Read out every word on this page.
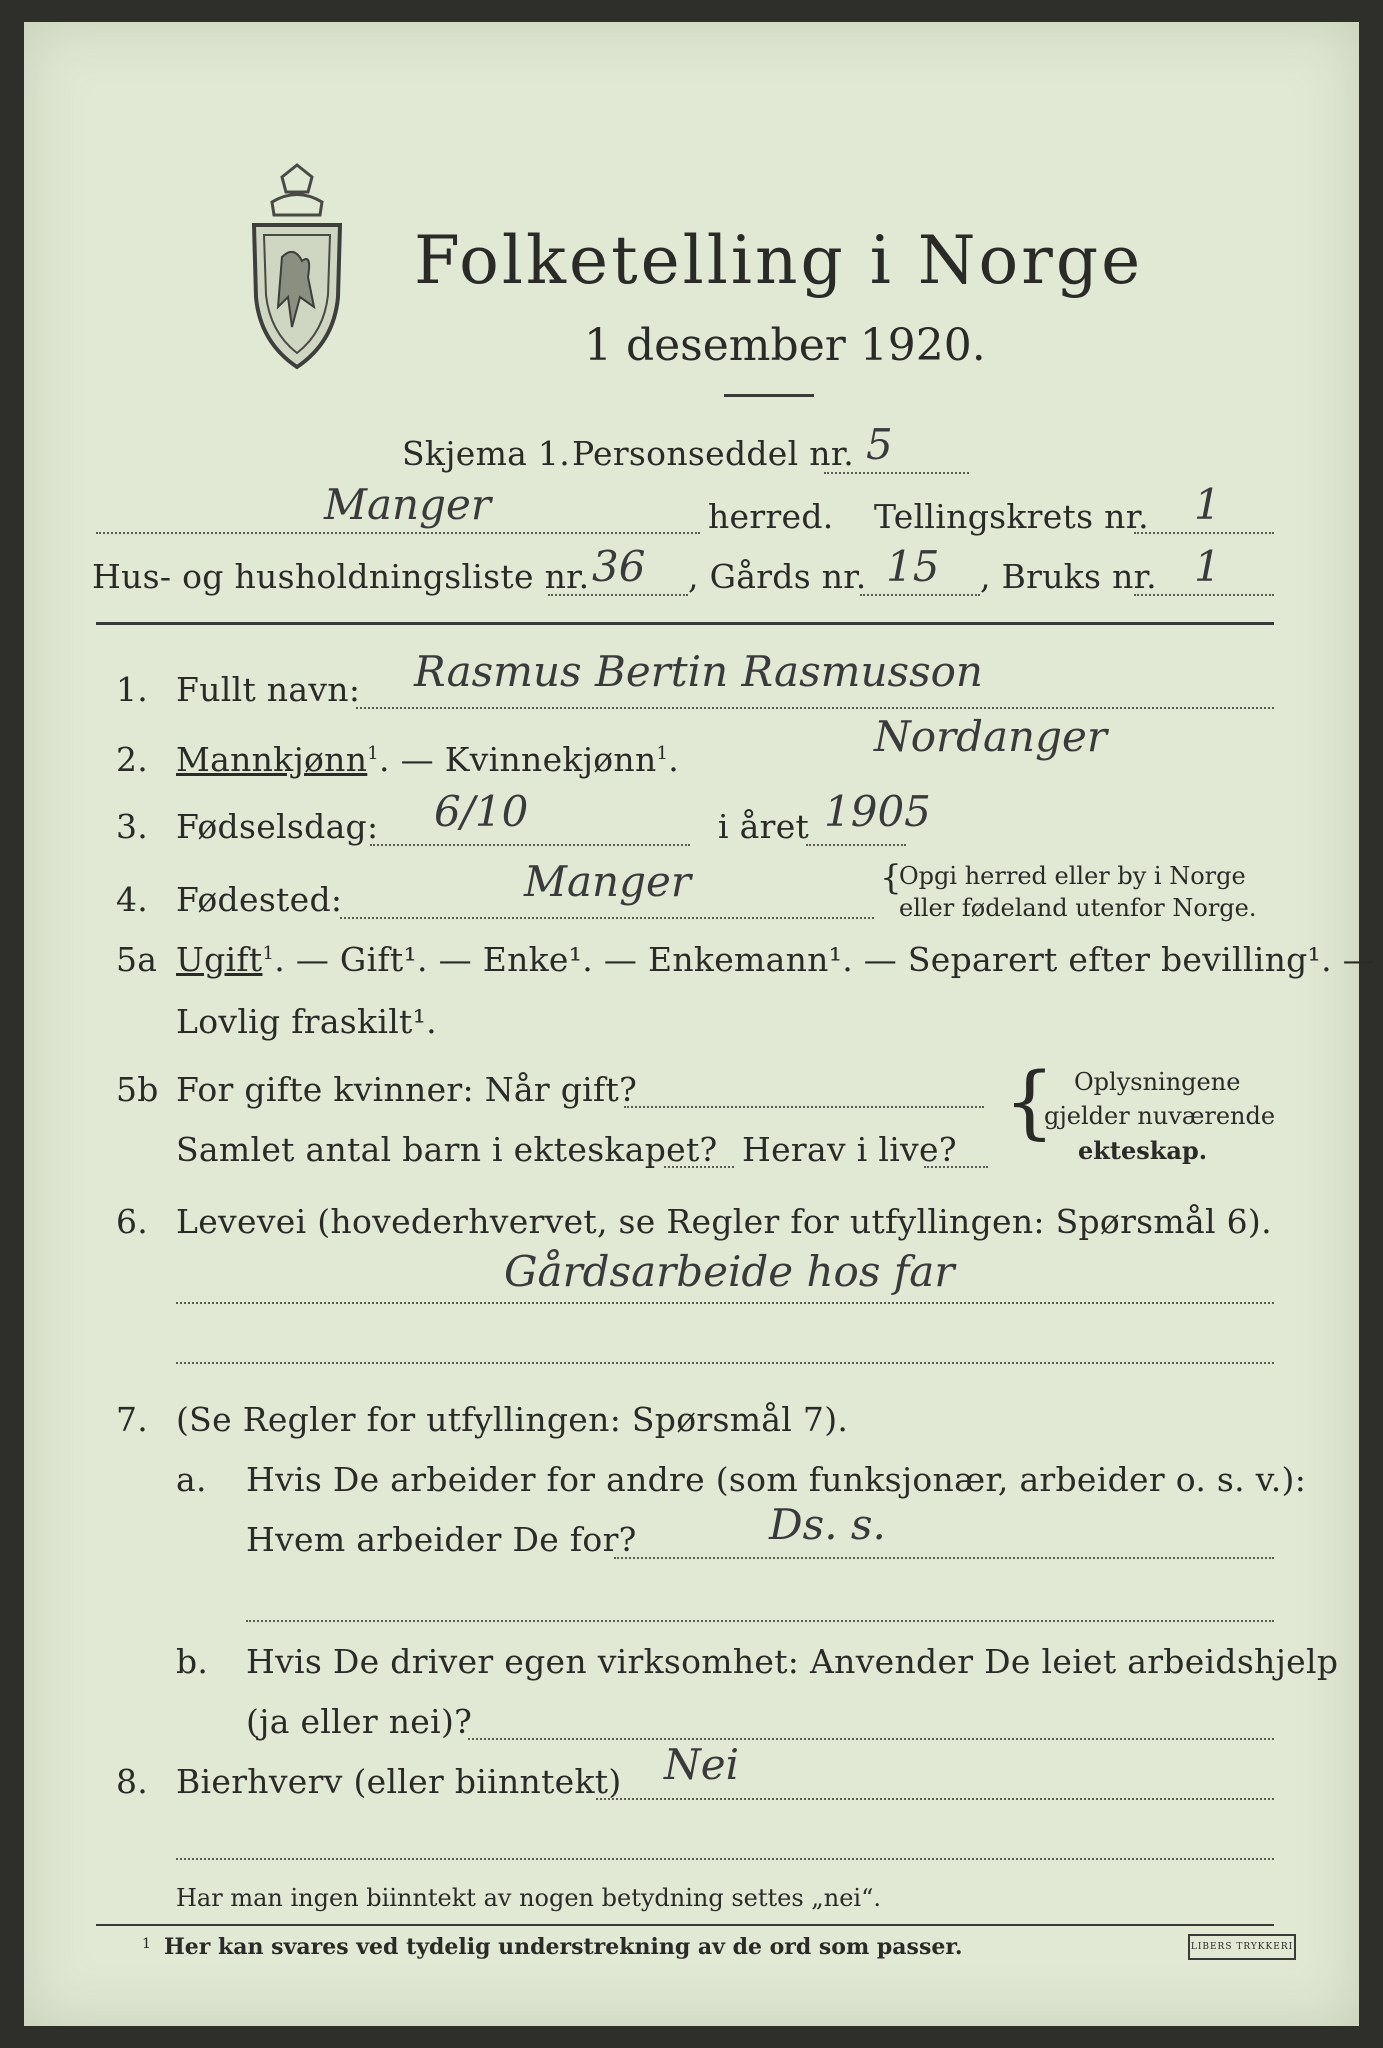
Folketelling i Norge
1 desember 1920.
Skjema 1. Personseddel nr. 5
Manger	herred. Tellingskrets nr. 1
Hus- og husholdningsliste nr. 36 , Gårds nr. 15 , Bruks nr. 1
1. Fullt navn: Rasmus Bertin Rasmusson
2. Mannkjønn$^1$. — Kvinnekjønn$^1$.	Nordanger
3. Fødselsdag: 6/10	i året 1905
4. Fødested:	Manger	{
Opgi herred eller by i Norge
eller fødeland utenfor Norge.
5a Ugift$^1$. — Gift¹. — Enke¹. — Enkemann¹. — Separert efter bevilling¹. —
Lovlig fraskilt¹.
5b For gifte kvinner: Når gift?
Samlet antal barn i ekteskapet? Herav i live?
{ Oplysningene
gjelder nuværende
ekteskap.
6. Levevei (hovederhvervet, se Regler for utfyllingen: Spørsmål 6).
Gårdsarbeide hos far
7. (Se Regler for utfyllingen: Spørsmål 7).
a. Hvis De arbeider for andre (som funksjonær, arbeider o. s. v.):
Hvem arbeider De for?	Ds. s.
b. Hvis De driver egen virksomhet: Anvender De leiet arbeidshjelp
(ja eller nei)?
8. Bierhverv (eller biinntekt) Nei
Har man ingen biinntekt av nogen betydning settes „nei“.
1 Her kan svares ved tydelig understrekning av de ord som passer.	LIBERS TRYKKERI
